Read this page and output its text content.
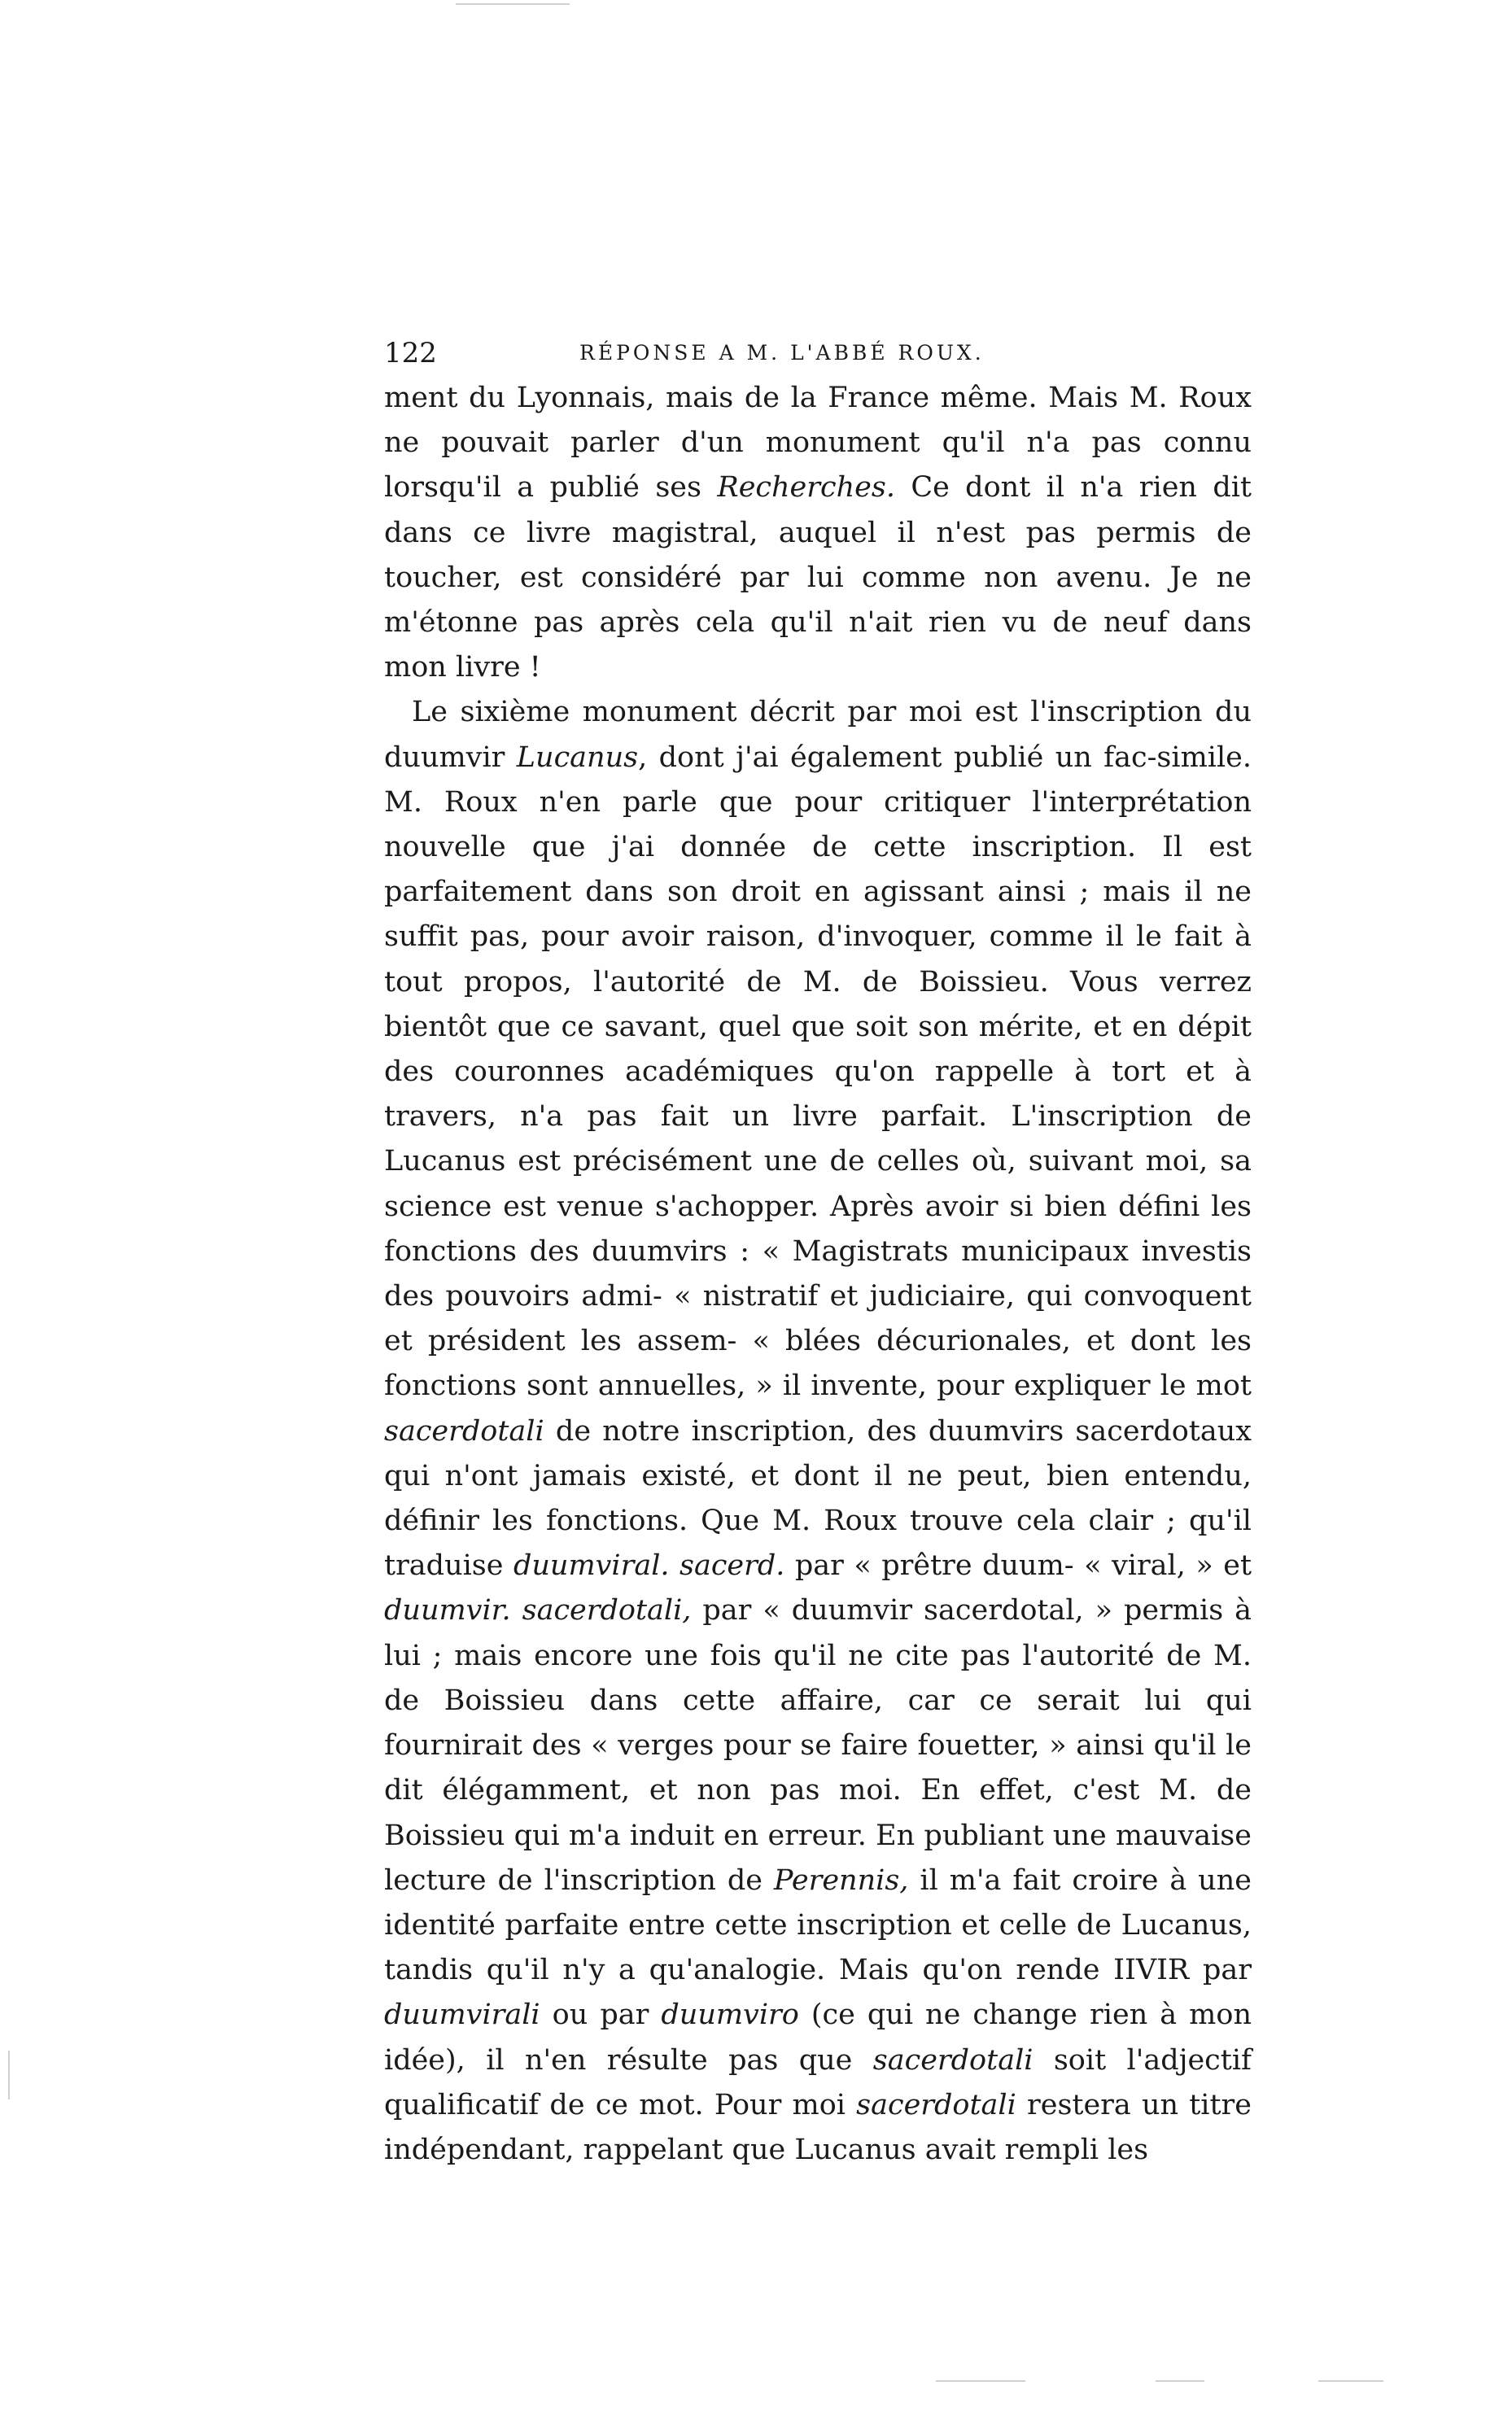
122	RÉPONSE A M. L'ABBÉ ROUX.

ment du Lyonnais, mais de la France même. Mais M. Roux ne pouvait parler d'un monument qu'il n'a pas connu lorsqu'il a publié ses Recherches. Ce dont il n'a rien dit dans ce livre magistral, auquel il n'est pas permis de toucher, est considéré par lui comme non avenu. Je ne m'étonne pas après cela qu'il n'ait rien vu de neuf dans mon livre !

Le sixième monument décrit par moi est l'inscription du duumvir Lucanus, dont j'ai également publié un fac-simile. M. Roux n'en parle que pour critiquer l'interprétation nouvelle que j'ai donnée de cette inscription. Il est parfaitement dans son droit en agissant ainsi ; mais il ne suffit pas, pour avoir raison, d'invoquer, comme il le fait à tout propos, l'autorité de M. de Boissieu. Vous verrez bientôt que ce savant, quel que soit son mérite, et en dépit des couronnes académiques qu'on rappelle à tort et à travers, n'a pas fait un livre parfait. L'inscription de Lucanus est précisément une de celles où, suivant moi, sa science est venue s'achopper. Après avoir si bien défini les fonctions des duumvirs : « Magistrats municipaux investis des pouvoirs admi- « nistratif et judiciaire, qui convoquent et président les assem- « blées décurionales, et dont les fonctions sont annuelles, » il invente, pour expliquer le mot sacerdotali de notre inscription, des duumvirs sacerdotaux qui n'ont jamais existé, et dont il ne peut, bien entendu, définir les fonctions. Que M. Roux trouve cela clair ; qu'il traduise duumviral. sacerd. par « prêtre duum- « viral, » et duumvir. sacerdotali, par « duumvir sacerdotal, » permis à lui ; mais encore une fois qu'il ne cite pas l'autorité de M. de Boissieu dans cette affaire, car ce serait lui qui fournirait des « verges pour se faire fouetter, » ainsi qu'il le dit élégamment, et non pas moi. En effet, c'est M. de Boissieu qui m'a induit en erreur. En publiant une mauvaise lecture de l'inscription de Perennis, il m'a fait croire à une identité parfaite entre cette inscription et celle de Lucanus, tandis qu'il n'y a qu'analogie. Mais qu'on rende IIVIR par duumvirali ou par duumviro (ce qui ne change rien à mon idée), il n'en résulte pas que sacerdotali soit l'adjectif qualificatif de ce mot. Pour moi sacerdotali restera un titre indépendant, rappelant que Lucanus avait rempli les
